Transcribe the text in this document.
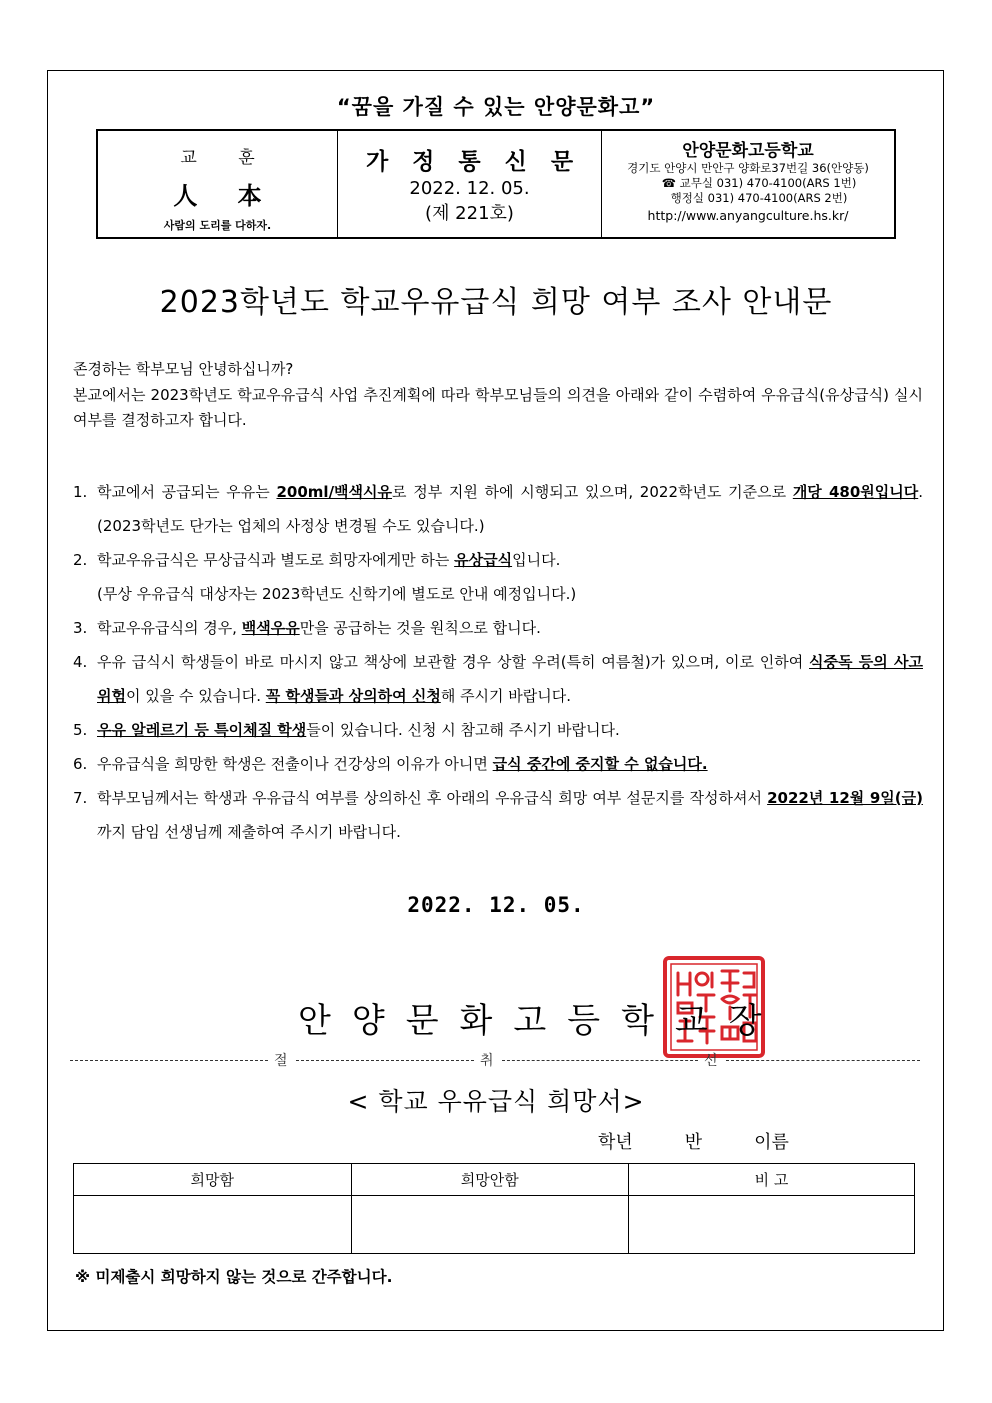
“꿈을 가질 수 있는 안양문화고”
교 훈
人 本
사람의 도리를 다하자.
가 정 통 신 문
2022. 12. 05.
(제 221호)
안양문화고등학교
경기도 안양시 만안구 양화로37번길 36(안양동)
☎ 교무실 031) 470-4100(ARS 1번)
행정실 031) 470-4100(ARS 2번)
http://www.anyangculture.hs.kr/
2023학년도 학교우유급식 희망 여부 조사 안내문

존경하는 학부모님 안녕하십니까?

본교에서는 2023학년도 학교우유급식 사업 추진계획에 따라 학부모님들의 의견을 아래와 같이 수렴하여 우유급식(유상급식) 실시 여부를 결정하고자 합니다.

1. 학교에서 공급되는 우유는 200ml/백색시유로 정부 지원 하에 시행되고 있으며, 2022학년도 기준으로 개당 480원입니다.(2023학년도 단가는 업체의 사정상 변경될 수도 있습니다.)
2. 학교우유급식은 무상급식과 별도로 희망자에게만 하는 유상급식입니다.
(무상 우유급식 대상자는 2023학년도 신학기에 별도로 안내 예정입니다.)
3. 학교우유급식의 경우, 백색우유만을 공급하는 것을 원칙으로 합니다.
4. 우유 급식시 학생들이 바로 마시지 않고 책상에 보관할 경우 상할 우려(특히 여름철)가 있으며, 이로 인하여 식중독 등의 사고 위험이 있을 수 있습니다. 꼭 학생들과 상의하여 신청해 주시기 바랍니다.
5. 우유 알레르기 등 특이체질 학생들이 있습니다. 신청 시 참고해 주시기 바랍니다.
6. 우유급식을 희망한 학생은 전출이나 건강상의 이유가 아니면 급식 중간에 중지할 수 없습니다.
7. 학부모님께서는 학생과 우유급식 여부를 상의하신 후 아래의 우유급식 희망 여부 설문지를 작성하셔서 2022년 12월 9일(금) 까지 담임 선생님께 제출하여 주시기 바랍니다.
2022. 12. 05.
안양문화고등학교장
절	취	선
< 학교 우유급식 희망서>
학년	반	이름
희망함	희망안함	비 고

※ 미제출시 희망하지 않는 것으로 간주합니다.
